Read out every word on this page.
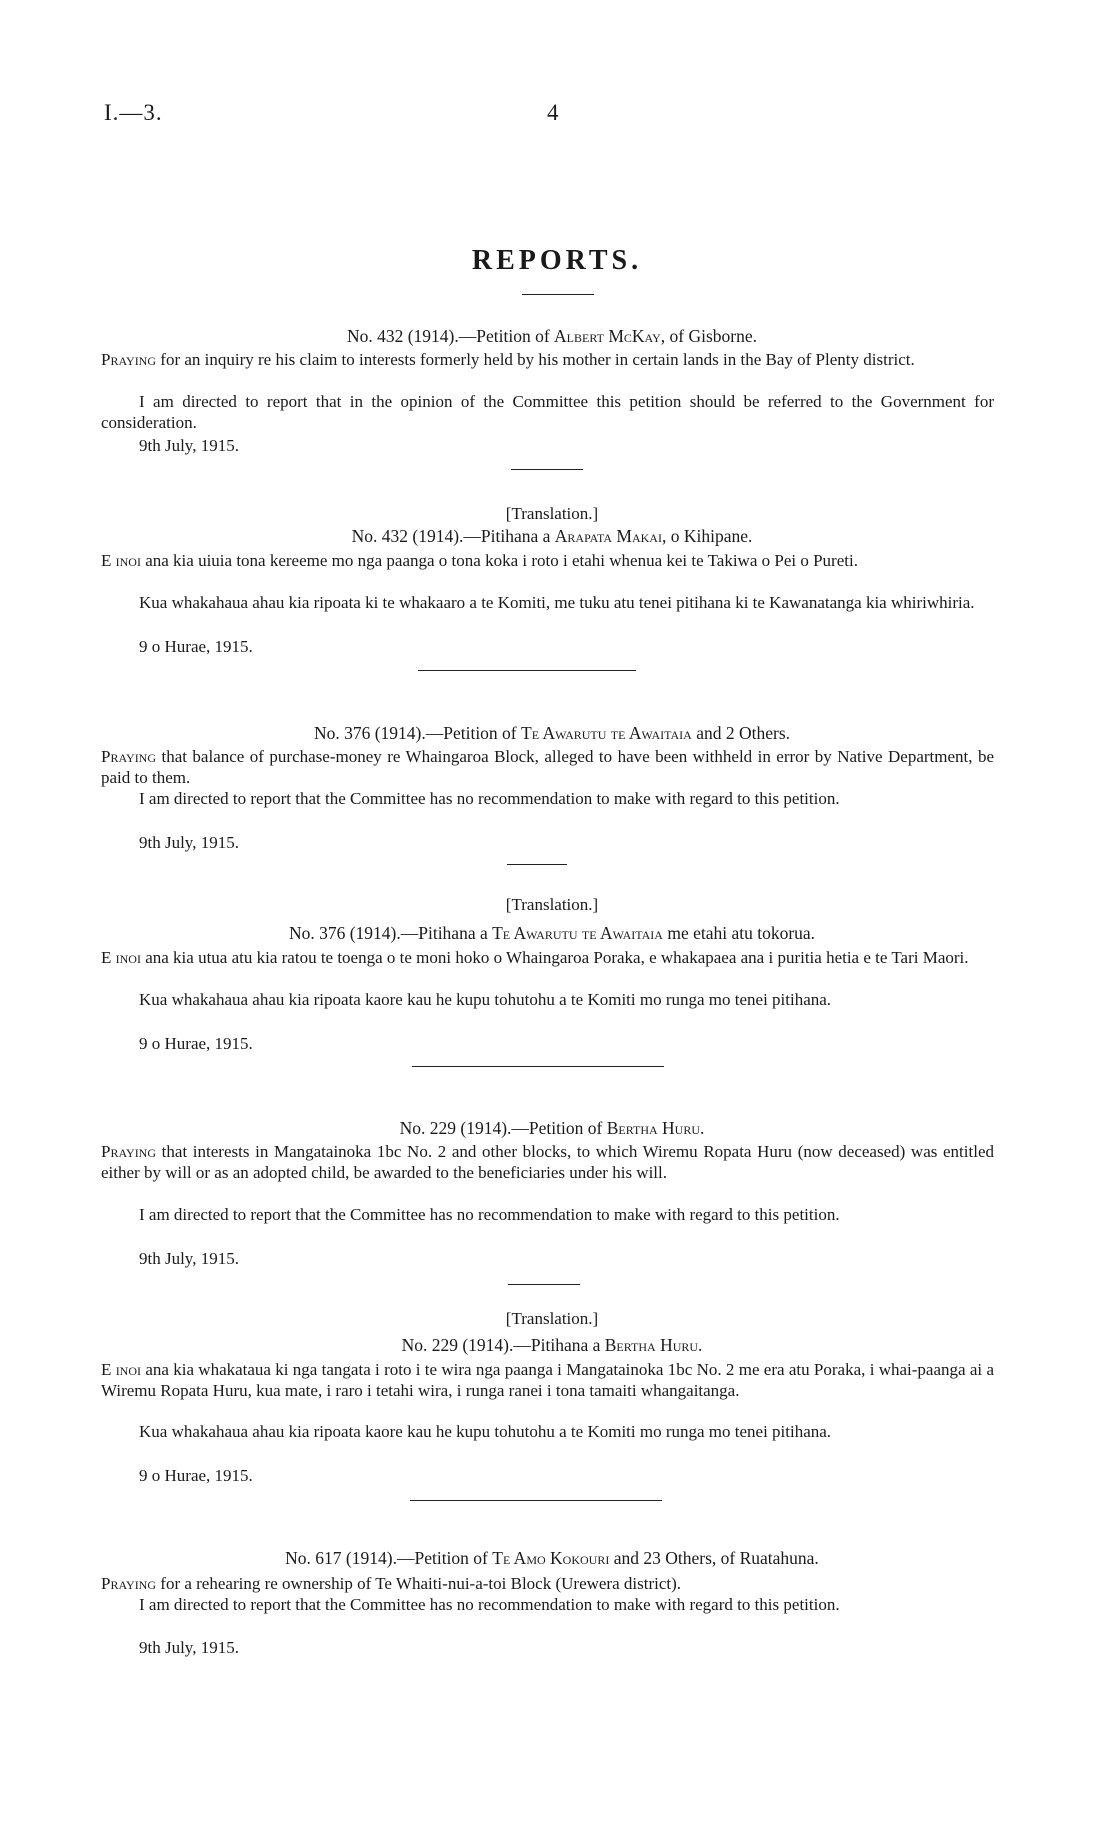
I.—3.	4
REPORTS.
No. 432 (1914).—Petition of Albert McKay, of Gisborne.
Praying for an inquiry re his claim to interests formerly held by his mother in certain lands in the Bay of Plenty district.
I am directed to report that in the opinion of the Committee this petition should be referred to the Government for consideration.
9th July, 1915.
[Translation.]
No. 432 (1914).—Pitihana a Arapata Makai, o Kihipane.
E inoi ana kia uiuia tona kereeme mo nga paanga o tona koka i roto i etahi whenua kei te Takiwa o Pei o Pureti.
Kua whakahaua ahau kia ripoata ki te whakaaro a te Komiti, me tuku atu tenei pitihana ki te Kawanatanga kia whiriwhiria.
9 o Hurae, 1915.
No. 376 (1914).—Petition of Te Awarutu te Awaitaia and 2 Others.
Praying that balance of purchase-money re Whaingaroa Block, alleged to have been withheld in error by Native Department, be paid to them.
I am directed to report that the Committee has no recommendation to make with regard to this petition.
9th July, 1915.
[Translation.]
No. 376 (1914).—Pitihana a Te Awarutu te Awaitaia me etahi atu tokorua.
E inoi ana kia utua atu kia ratou te toenga o te moni hoko o Whaingaroa Poraka, e whakapaea ana i puritia hetia e te Tari Maori.
Kua whakahaua ahau kia ripoata kaore kau he kupu tohutohu a te Komiti mo runga mo tenei pitihana.
9 o Hurae, 1915.
No. 229 (1914).—Petition of Bertha Huru.
Praying that interests in Mangatainoka 1bc No. 2 and other blocks, to which Wiremu Ropata Huru (now deceased) was entitled either by will or as an adopted child, be awarded to the beneficiaries under his will.
I am directed to report that the Committee has no recommendation to make with regard to this petition.
9th July, 1915.
[Translation.]
No. 229 (1914).—Pitihana a Bertha Huru.
E inoi ana kia whakataua ki nga tangata i roto i te wira nga paanga i Mangatainoka 1bc No. 2 me era atu Poraka, i whai-paanga ai a Wiremu Ropata Huru, kua mate, i raro i tetahi wira, i runga ranei i tona tamaiti whangaitanga.
Kua whakahaua ahau kia ripoata kaore kau he kupu tohutohu a te Komiti mo runga mo tenei pitihana.
9 o Hurae, 1915.
No. 617 (1914).—Petition of Te Amo Kokouri and 23 Others, of Ruatahuna.
Praying for a rehearing re ownership of Te Whaiti-nui-a-toi Block (Urewera district).
I am directed to report that the Committee has no recommendation to make with regard to this petition.
9th July, 1915.
